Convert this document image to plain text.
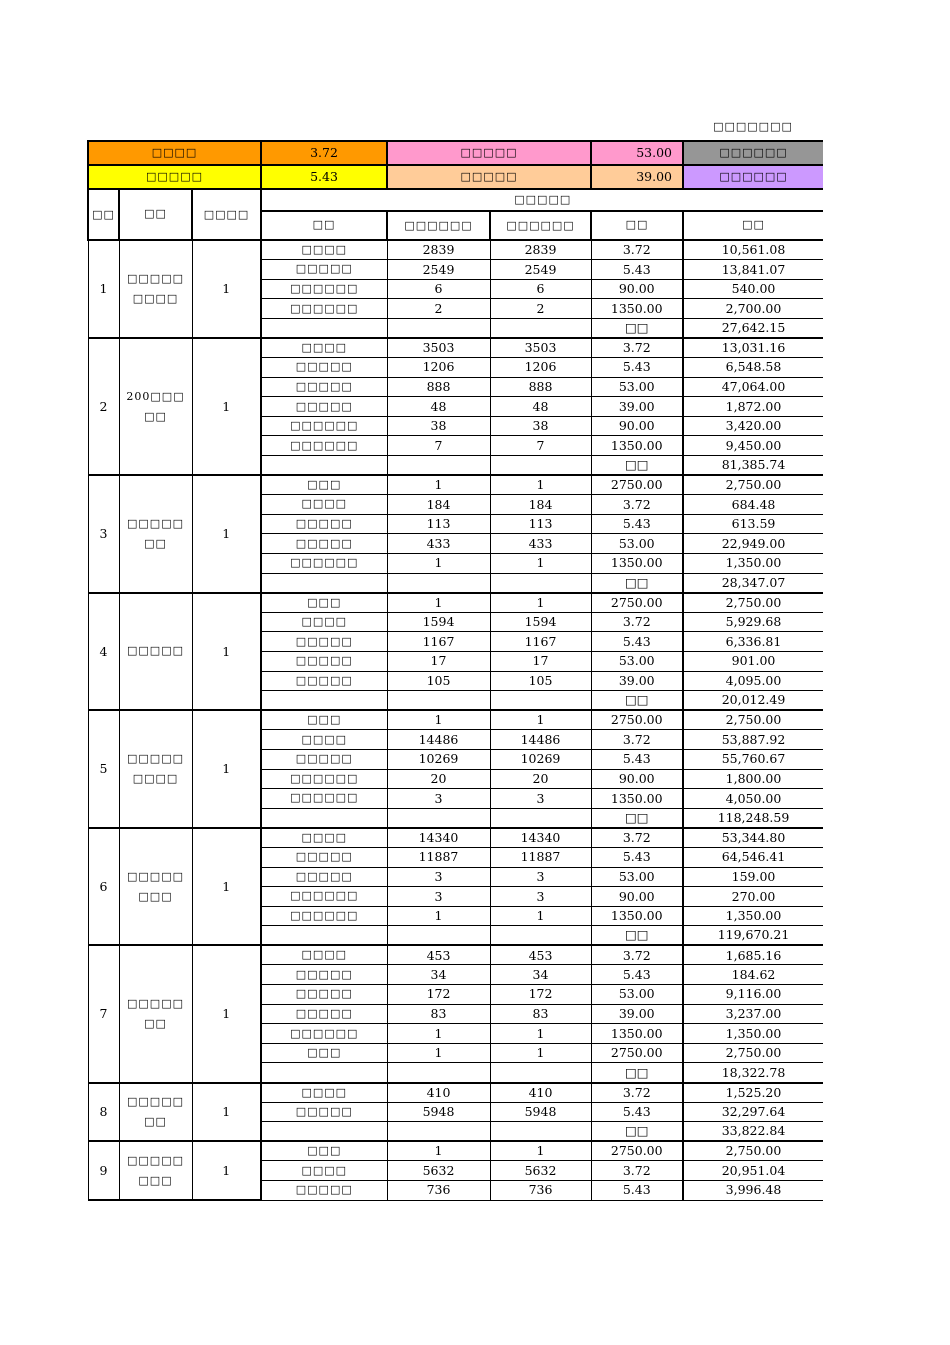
□□□□□□□
□□□□			3.72	□□□□□		53.00	□□□□□□
□□□□□			5.43	□□□□□		39.00	□□□□□□
□□	□□	□□□□	□□□□□				
			□□	□□□□□□	□□□□□□	□□	□□
1	□□□□□□□□□	1	□□□□	2839	2839	3.72	10,561.08
			□□□□□	2549	2549	5.43	13,841.07
			□□□□□□	6	6	90.00	540.00
			□□□□□□	2	2	1350.00	2,700.00
						□□	27,642.15
2	200□□□□□	1	□□□□	3503	3503	3.72	13,031.16
			□□□□□	1206	1206	5.43	6,548.58
			□□□□□	888	888	53.00	47,064.00
			□□□□□	48	48	39.00	1,872.00
			□□□□□□	38	38	90.00	3,420.00
			□□□□□□	7	7	1350.00	9,450.00
						□□	81,385.74
3	□□□□□□□	1	□□□	1	1	2750.00	2,750.00
			□□□□	184	184	3.72	684.48
			□□□□□	113	113	5.43	613.59
			□□□□□	433	433	53.00	22,949.00
			□□□□□□	1	1	1350.00	1,350.00
						□□	28,347.07
4	□□□□□	1	□□□	1	1	2750.00	2,750.00
			□□□□	1594	1594	3.72	5,929.68
			□□□□□	1167	1167	5.43	6,336.81
			□□□□□	17	17	53.00	901.00
			□□□□□	105	105	39.00	4,095.00
						□□	20,012.49
5	□□□□□□□□□	1	□□□	1	1	2750.00	2,750.00
			□□□□	14486	14486	3.72	53,887.92
			□□□□□	10269	10269	5.43	55,760.67
			□□□□□□	20	20	90.00	1,800.00
			□□□□□□	3	3	1350.00	4,050.00
						□□	118,248.59
6	□□□□□□□□	1	□□□□	14340	14340	3.72	53,344.80
			□□□□□	11887	11887	5.43	64,546.41
			□□□□□	3	3	53.00	159.00
			□□□□□□	3	3	90.00	270.00
			□□□□□□	1	1	1350.00	1,350.00
						□□	119,670.21
7	□□□□□□□	1	□□□□	453	453	3.72	1,685.16
			□□□□□	34	34	5.43	184.62
			□□□□□	172	172	53.00	9,116.00
			□□□□□	83	83	39.00	3,237.00
			□□□□□□	1	1	1350.00	1,350.00
			□□□	1	1	2750.00	2,750.00
						□□	18,322.78
8	□□□□□□□	1	□□□□	410	410	3.72	1,525.20
			□□□□□	5948	5948	5.43	32,297.64
						□□	33,822.84
9	□□□□□□□□	1	□□□	1	1	2750.00	2,750.00
			□□□□	5632	5632	3.72	20,951.04
			□□□□□	736	736	5.43	3,996.48
